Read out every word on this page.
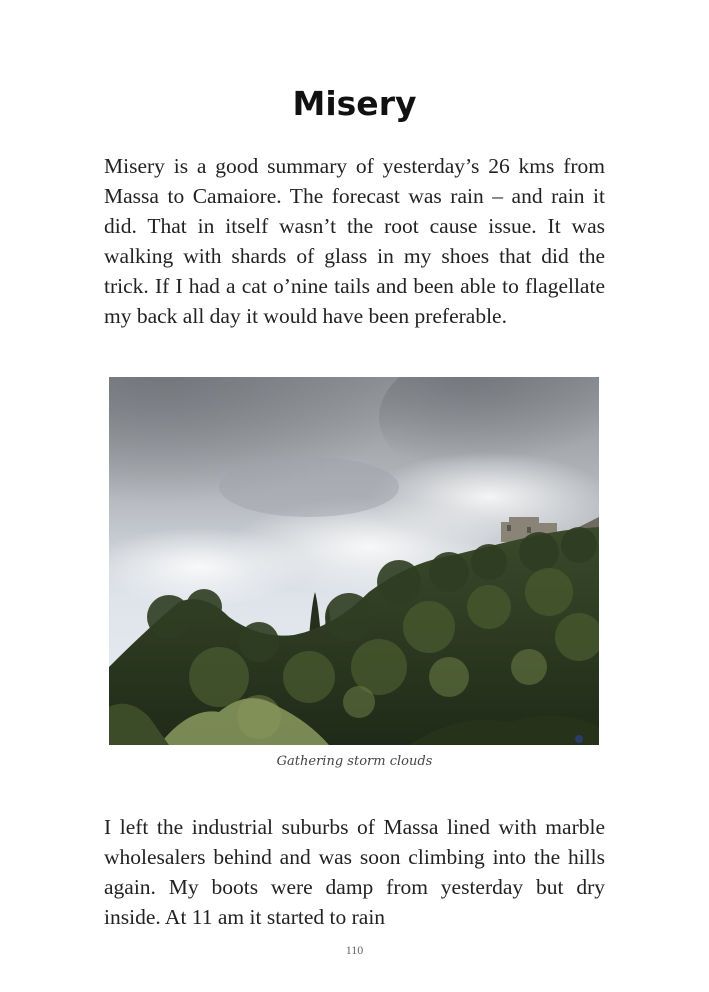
Misery

Misery is a good summary of yesterday’s 26 kms from Massa to Camaiore. The forecast was rain – and rain it did. That in itself wasn’t the root cause issue. It was walking with shards of glass in my shoes that did the trick. If I had a cat o’nine tails and been able to flagellate my back all day it would have been preferable.

Gathering storm clouds

I left the industrial suburbs of Massa lined with marble wholesalers behind and was soon climbing into the hills again. My boots were damp from yesterday but dry inside. At 11 am it started to rain

110
